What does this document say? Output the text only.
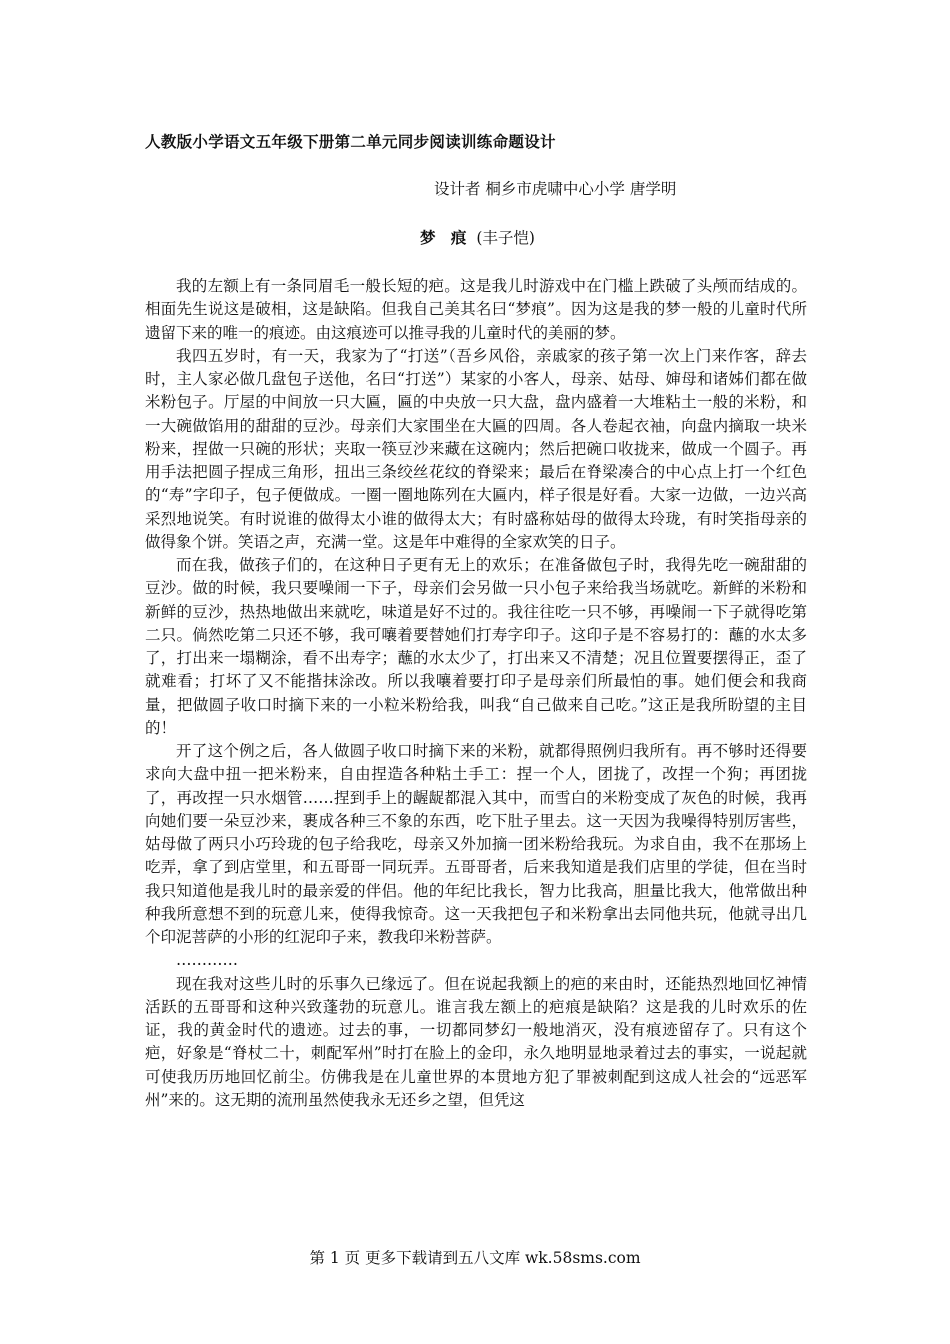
人教版小学语文五年级下册第二单元同步阅读训练命题设计
设计者 桐乡市虎啸中心小学 唐学明
梦 痕 (丰子恺)

我的左额上有一条同眉毛一般长短的疤。这是我儿时游戏中在门槛上跌破了头颅而结成的。相面先生说这是破相，这是缺陷。但我自己美其名曰“梦痕”。因为这是我的梦一般的儿童时代所遗留下来的唯一的痕迹。由这痕迹可以推寻我的儿童时代的美丽的梦。

我四五岁时，有一天，我家为了“打送”（吾乡风俗，亲戚家的孩子第一次上门来作客，辞去时，主人家必做几盘包子送他，名曰“打送”）某家的小客人，母亲、姑母、婶母和诸姊们都在做米粉包子。厅屋的中间放一只大匾，匾的中央放一只大盘，盘内盛着一大堆粘土一般的米粉，和一大碗做馅用的甜甜的豆沙。母亲们大家围坐在大匾的四周。各人卷起衣袖，向盘内摘取一块米粉来，捏做一只碗的形状；夹取一筷豆沙来藏在这碗内；然后把碗口收拢来，做成一个圆子。再用手法把圆子捏成三角形，扭出三条绞丝花纹的脊梁来；最后在脊梁凑合的中心点上打一个红色的“寿”字印子，包子便做成。一圈一圈地陈列在大匾内，样子很是好看。大家一边做，一边兴高采烈地说笑。有时说谁的做得太小谁的做得太大；有时盛称姑母的做得太玲珑，有时笑指母亲的做得象个饼。笑语之声，充满一堂。这是年中难得的全家欢笑的日子。

而在我，做孩子们的，在这种日子更有无上的欢乐；在准备做包子时，我得先吃一碗甜甜的豆沙。做的时候，我只要噪闹一下子，母亲们会另做一只小包子来给我当场就吃。新鲜的米粉和新鲜的豆沙，热热地做出来就吃，味道是好不过的。我往往吃一只不够，再噪闹一下子就得吃第二只。倘然吃第二只还不够，我可嚷着要替她们打寿字印子。这印子是不容易打的：蘸的水太多了，打出来一塌糊涂，看不出寿字；蘸的水太少了，打出来又不清楚；况且位置要摆得正，歪了就难看；打坏了又不能揩抹涂改。所以我嚷着要打印子是母亲们所最怕的事。她们便会和我商量，把做圆子收口时摘下来的一小粒米粉给我，叫我“自己做来自己吃。”这正是我所盼望的主目的！

开了这个例之后，各人做圆子收口时摘下来的米粉，就都得照例归我所有。再不够时还得要求向大盘中扭一把米粉来，自由捏造各种粘土手工：捏一个人，团拢了，改捏一个狗；再团拢了，再改捏一只水烟管……捏到手上的龌龊都混入其中，而雪白的米粉变成了灰色的时候，我再向她们要一朵豆沙来，裹成各种三不象的东西，吃下肚子里去。这一天因为我噪得特别厉害些，姑母做了两只小巧玲珑的包子给我吃，母亲又外加摘一团米粉给我玩。为求自由，我不在那场上吃弄，拿了到店堂里，和五哥哥一同玩弄。五哥哥者，后来我知道是我们店里的学徒，但在当时我只知道他是我儿时的最亲爱的伴侣。他的年纪比我长，智力比我高，胆量比我大，他常做出种种我所意想不到的玩意儿来，使得我惊奇。这一天我把包子和米粉拿出去同他共玩，他就寻出几个印泥菩萨的小形的红泥印子来，教我印米粉菩萨。

…………

现在我对这些儿时的乐事久已缘远了。但在说起我额上的疤的来由时，还能热烈地回忆神情活跃的五哥哥和这种兴致蓬勃的玩意儿。谁言我左额上的疤痕是缺陷？这是我的儿时欢乐的佐证，我的黄金时代的遗迹。过去的事，一切都同梦幻一般地消灭，没有痕迹留存了。只有这个疤，好象是“脊杖二十，刺配军州”时打在脸上的金印，永久地明显地录着过去的事实，一说起就可使我历历地回忆前尘。仿佛我是在儿童世界的本贯地方犯了罪被刺配到这成人社会的“远恶军州”来的。这无期的流刑虽然使我永无还乡之望，但凭这

第 1 页 更多下载请到五八文库 wk.58sms.com
